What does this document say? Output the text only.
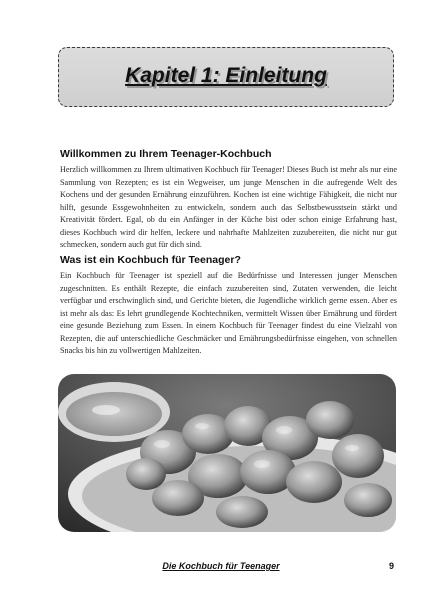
Kapitel 1: Einleitung
Willkommen zu Ihrem Teenager-Kochbuch

Herzlich willkommen zu Ihrem ultimativen Kochbuch für Teenager! Dieses Buch ist mehr als nur eine Sammlung von Rezepten; es ist ein Wegweiser, um junge Menschen in die aufregende Welt des Kochens und der gesunden Ernährung einzuführen. Kochen ist eine wichtige Fähigkeit, die nicht nur hilft, gesunde Essgewohnheiten zu entwickeln, sondern auch das Selbstbewusstsein stärkt und Kreativität fördert. Egal, ob du ein Anfänger in der Küche bist oder schon einige Erfahrung hast, dieses Kochbuch wird dir helfen, leckere und nahrhafte Mahlzeiten zuzubereiten, die nicht nur gut schmecken, sondern auch gut für dich sind.

Was ist ein Kochbuch für Teenager?

Ein Kochbuch für Teenager ist speziell auf die Bedürfnisse und Interessen junger Menschen zugeschnitten. Es enthält Rezepte, die einfach zuzubereiten sind, Zutaten verwenden, die leicht verfügbar und erschwinglich sind, und Gerichte bieten, die Jugendliche wirklich gerne essen. Aber es ist mehr als das: Es lehrt grundlegende Kochtechniken, vermittelt Wissen über Ernährung und fördert eine gesunde Beziehung zum Essen. In einem Kochbuch für Teenager findest du eine Vielzahl von Rezepten, die auf unterschiedliche Geschmäcker und Ernährungsbedürfnisse eingehen, von schnellen Snacks bis hin zu vollwertigen Mahlzeiten.

Die Kochbuch für Teenager	9
